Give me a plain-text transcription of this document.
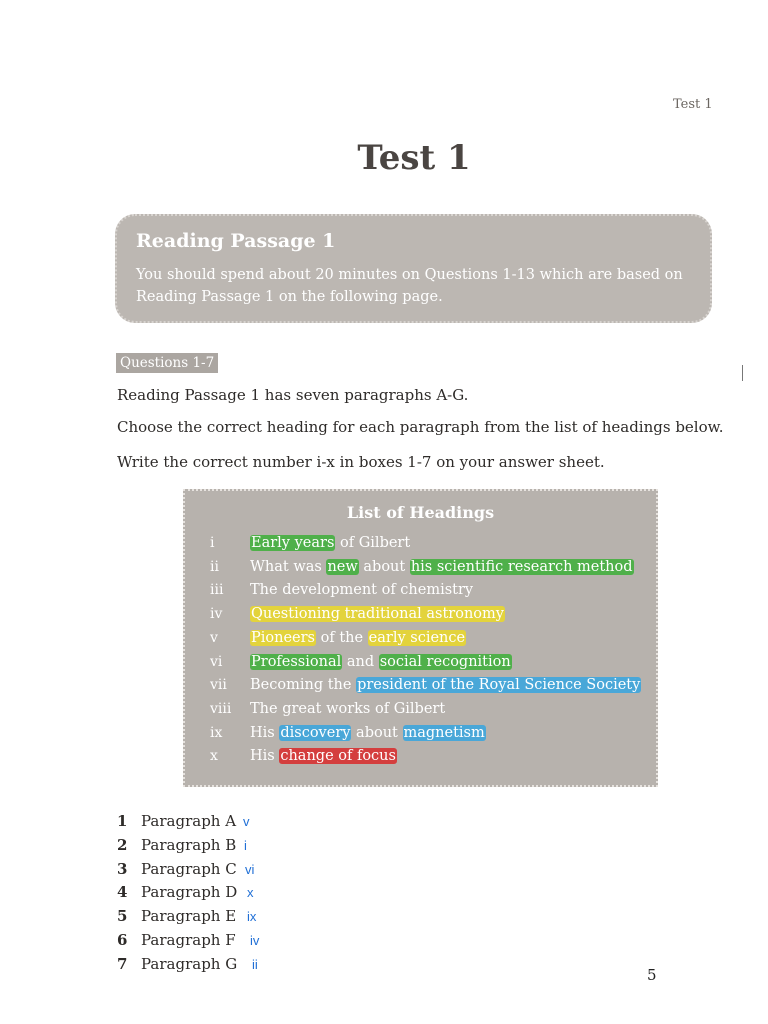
Test 1
Test 1
Reading Passage 1
You should spend about 20 minutes on Questions 1-13 which are based on
Reading Passage 1 on the following page.
Questions 1-7
Reading Passage 1 has seven paragraphs A-G.
Choose the correct heading for each paragraph from the list of headings below.
Write the correct number i-x in boxes 1-7 on your answer sheet.
List of Headings
i	Early years of Gilbert
ii What was new about his scientific research method
iii The development of chemistry
iv Questioning traditional astronomy
v Pioneers of the early science
vi Professional and social recognition
vii Becoming the president of the Royal Science Society
viii The great works of Gilbert
ix His discovery about magnetism
x His change of focus
1 Paragraph A v
2 Paragraph B i
3 Paragraph C vi
4 Paragraph D x
5 Paragraph E ix
6 Paragraph F iv
7 Paragraph G ii
5
